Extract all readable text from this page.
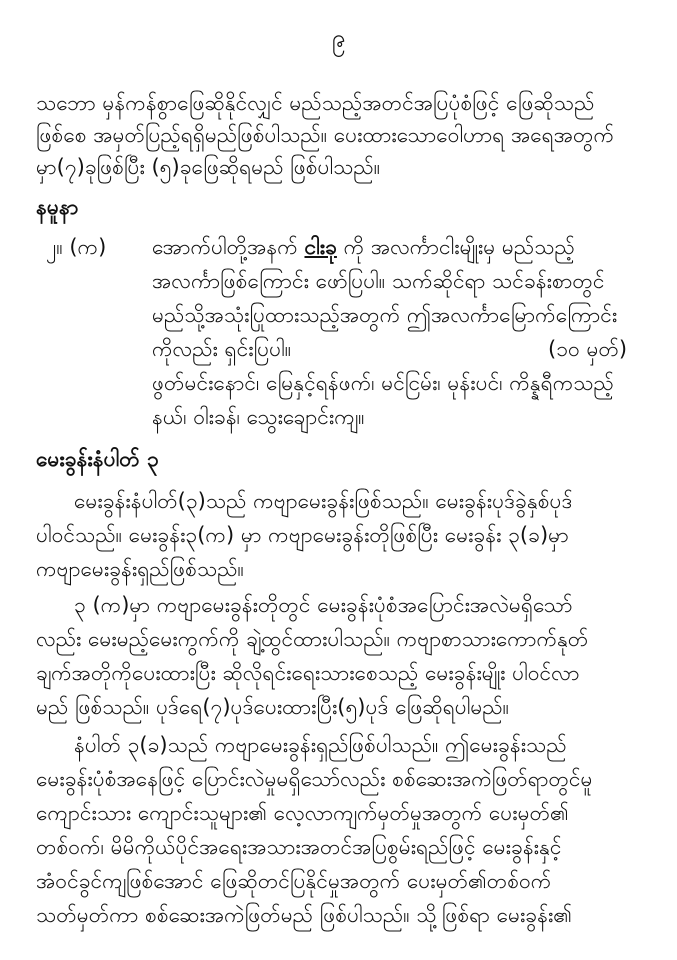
၉
သဘော မှန်ကန်စွာဖြေဆိုနိုင်လျှင် မည်သည့်အတင်အပြပုံစံဖြင့် ဖြေဆိုသည်
ဖြစ်စေ အမှတ်ပြည့်ရရှိမည်ဖြစ်ပါသည်။ ပေးထားသောဝေါဟာရ အရေအတွက်
မှာ(၇)ခုဖြစ်ပြီး (၅)ခုဖြေဆိုရမည် ဖြစ်ပါသည်။
နမူနာ
၂။ (က) အောက်ပါတို့အနက် ငါးခု ကို အလင်္ကာငါးမျိုးမှ မည်သည့်
အလင်္ကာဖြစ်ကြောင်း ဖော်ပြပါ။ သက်ဆိုင်ရာ သင်ခန်းစာတွင်
မည်သို့အသုံးပြုထားသည့်အတွက် ဤအလင်္ကာမြောက်ကြောင်း
ကိုလည်း ရှင်းပြပါ။	(၁၀ မှတ်)
ဖွတ်မင်းနောင်၊ မြေနှင့်ရန်ဖက်၊ မင်ငြမ်း၊ မုန်းပင်၊ ကိန္နရီကသည့်
နယ်၊ ဝါးခန်၊ သွေးချောင်းကျ။
မေးခွန်းနံပါတ် ၃
မေးခွန်းနံပါတ်(၃)သည် ကဗျာမေးခွန်းဖြစ်သည်။ မေးခွန်းပုဒ်ခွဲနှစ်ပုဒ်
ပါဝင်သည်။ မေးခွန်း၃(က) မှာ ကဗျာမေးခွန်းတိုဖြစ်ပြီး မေးခွန်း ၃(ခ)မှာ
ကဗျာမေးခွန်းရှည်ဖြစ်သည်။
၃ (က)မှာ ကဗျာမေးခွန်းတိုတွင် မေးခွန်းပုံစံအပြောင်းအလဲမရှိသော်
လည်း မေးမည့်မေးကွက်ကို ချဲ့ထွင်ထားပါသည်။ ကဗျာစာသားကောက်နုတ်
ချက်အတိုကိုပေးထားပြီး ဆိုလိုရင်းရေးသားစေသည့် မေးခွန်းမျိုး ပါဝင်လာ
မည် ဖြစ်သည်။ ပုဒ်ရေ(၇)ပုဒ်ပေးထားပြီး(၅)ပုဒ် ဖြေဆိုရပါမည်။
နံပါတ် ၃(ခ)သည် ကဗျာမေးခွန်းရှည်ဖြစ်ပါသည်။ ဤမေးခွန်းသည်
မေးခွန်းပုံစံအနေဖြင့် ပြောင်းလဲမှုမရှိသော်လည်း စစ်ဆေးအကဲဖြတ်ရာတွင်မူ
ကျောင်းသား ကျောင်းသူများ၏ လေ့လာကျက်မှတ်မှုအတွက် ပေးမှတ်၏
တစ်ဝက်၊ မိမိကိုယ်ပိုင်အရေးအသားအတင်အပြစွမ်းရည်ဖြင့် မေးခွန်းနှင့်
အံဝင်ခွင်ကျဖြစ်အောင် ဖြေဆိုတင်ပြနိုင်မှုအတွက် ပေးမှတ်၏တစ်ဝက်
သတ်မှတ်ကာ စစ်ဆေးအကဲဖြတ်မည် ဖြစ်ပါသည်။ သို့ဖြစ်ရာ မေးခွန်း၏
